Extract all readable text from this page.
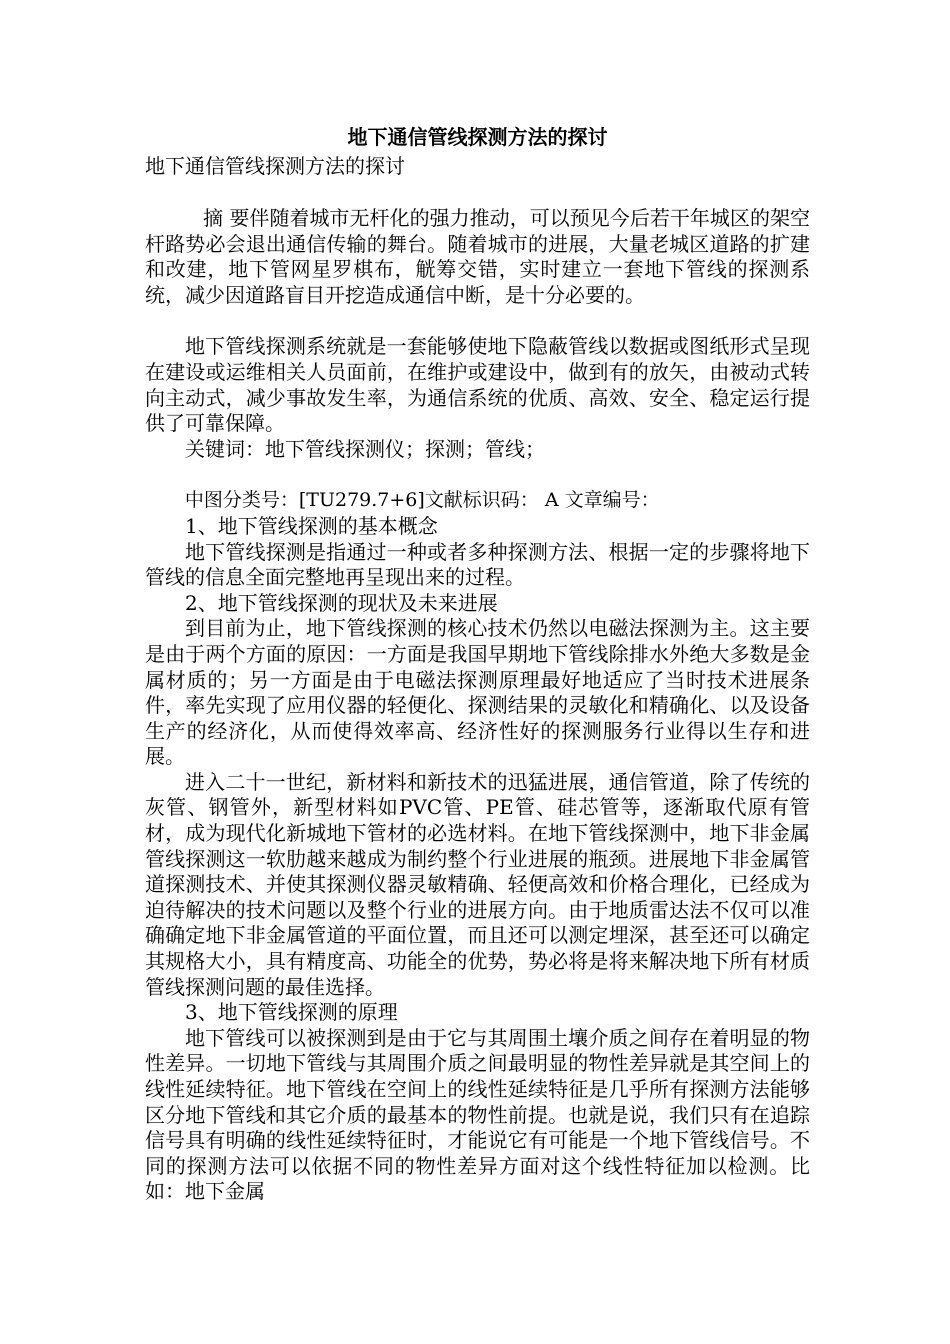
地下通信管线探测方法的探讨

地下通信管线探测方法的探讨

摘 要伴随着城市无杆化的强力推动，可以预见今后若干年城区的架空杆路势必会退出通信传输的舞台。随着城市的进展，大量老城区道路的扩建和改建，地下管网星罗棋布，觥筹交错，实时建立一套地下管线的探测系统，减少因道路盲目开挖造成通信中断，是十分必要的。

地下管线探测系统就是一套能够使地下隐蔽管线以数据或图纸形式呈现在建设或运维相关人员面前，在维护或建设中，做到有的放矢，由被动式转向主动式，减少事故发生率，为通信系统的优质、高效、安全、稳定运行提供了可靠保障。

关键词：地下管线探测仪；探测；管线；

中图分类号：[TU279.7+6]文献标识码： A 文章编号：

1、地下管线探测的基本概念

地下管线探测是指通过一种或者多种探测方法、根据一定的步骤将地下管线的信息全面完整地再呈现出来的过程。

2、地下管线探测的现状及未来进展

到目前为止，地下管线探测的核心技术仍然以电磁法探测为主。这主要是由于两个方面的原因：一方面是我国早期地下管线除排水外绝大多数是金属材质的；另一方面是由于电磁法探测原理最好地适应了当时技术进展条件，率先实现了应用仪器的轻便化、探测结果的灵敏化和精确化、以及设备生产的经济化，从而使得效率高、经济性好的探测服务行业得以生存和进展。

进入二十一世纪，新材料和新技术的迅猛进展，通信管道，除了传统的灰管、钢管外，新型材料如PVC管、PE管、硅芯管等，逐渐取代原有管材，成为现代化新城地下管材的必选材料。在地下管线探测中，地下非金属管线探测这一软肋越来越成为制约整个行业进展的瓶颈。进展地下非金属管道探测技术、并使其探测仪器灵敏精确、轻便高效和价格合理化，已经成为迫待解决的技术问题以及整个行业的进展方向。由于地质雷达法不仅可以准确确定地下非金属管道的平面位置，而且还可以测定埋深，甚至还可以确定其规格大小，具有精度高、功能全的优势，势必将是将来解决地下所有材质管线探测问题的最佳选择。

3、地下管线探测的原理

地下管线可以被探测到是由于它与其周围土壤介质之间存在着明显的物性差异。一切地下管线与其周围介质之间最明显的物性差异就是其空间上的线性延续特征。地下管线在空间上的线性延续特征是几乎所有探测方法能够区分地下管线和其它介质的最基本的物性前提。也就是说，我们只有在追踪信号具有明确的线性延续特征时，才能说它有可能是一个地下管线信号。不同的探测方法可以依据不同的物性差异方面对这个线性特征加以检测。比如：地下金属
